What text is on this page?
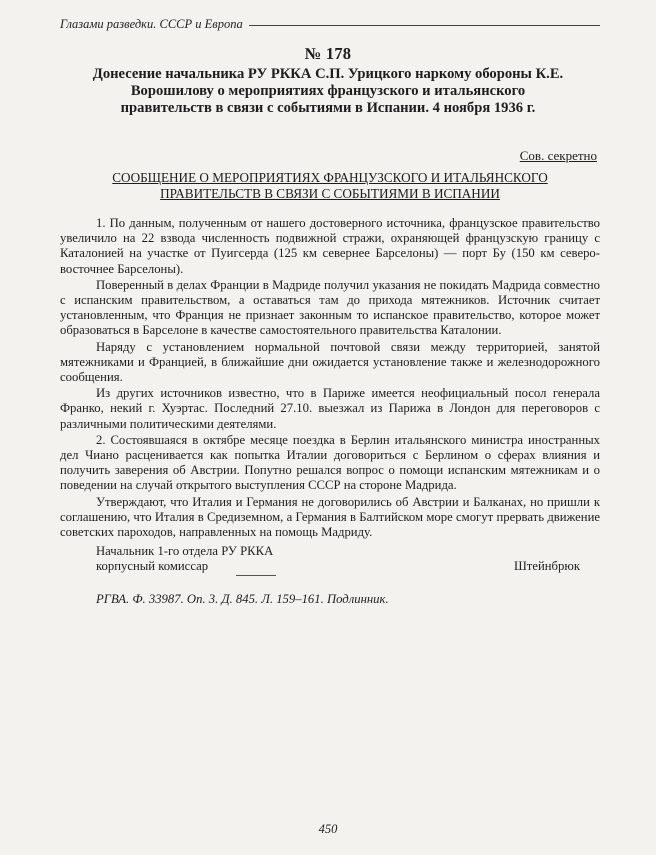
Глазами разведки. СССР и Европа
№ 178
Донесение начальника РУ РККА С.П. Урицкого наркому обороны К.Е. Ворошилову о мероприятиях французского и итальянского правительств в связи с событиями в Испании. 4 ноября 1936 г.
Сов. секретно
СООБЩЕНИЕ О МЕРОПРИЯТИЯХ ФРАНЦУЗСКОГО И ИТАЛЬЯНСКОГО ПРАВИТЕЛЬСТВ В СВЯЗИ С СОБЫТИЯМИ В ИСПАНИИ

1. По данным, полученным от нашего достоверного источника, французское правительство увеличило на 22 взвода численность подвижной стражи, охраняющей французскую границу с Каталонией на участке от Пуигсерда (125 км севернее Барселоны) — порт Бу (150 км северо-восточнее Барселоны).

Поверенный в делах Франции в Мадриде получил указания не покидать Мадрида совместно с испанским правительством, а оставаться там до прихода мятежников. Источник считает установленным, что Франция не признает законным то испанское правительство, которое может образоваться в Барселоне в качестве самостоятельного правительства Каталонии.

Наряду с установлением нормальной почтовой связи между территорией, занятой мятежниками и Францией, в ближайшие дни ожидается установление также и железнодорожного сообщения.

Из других источников известно, что в Париже имеется неофициальный посол генерала Франко, некий г. Хуэртас. Последний 27.10. выезжал из Парижа в Лондон для переговоров с различными политическими деятелями.

2. Состоявшаяся в октябре месяце поездка в Берлин итальянского министра иностранных дел Чиано расценивается как попытка Италии договориться с Берлином о сферах влияния и получить заверения об Австрии. Попутно решался вопрос о помощи испанским мятежникам и о поведении на случай открытого выступления СССР на стороне Мадрида.

Утверждают, что Италия и Германия не договорились об Австрии и Балканах, но пришли к соглашению, что Италия в Средиземном, а Германия в Балтийском море смогут прервать движение советских пароходов, направленных на помощь Мадриду.

Начальник 1-го отдела РУ РККА
корпусный комиссар	Штейнбрюк
РГВА. Ф. 33987. Оп. 3. Д. 845. Л. 159–161. Подлинник.
450
